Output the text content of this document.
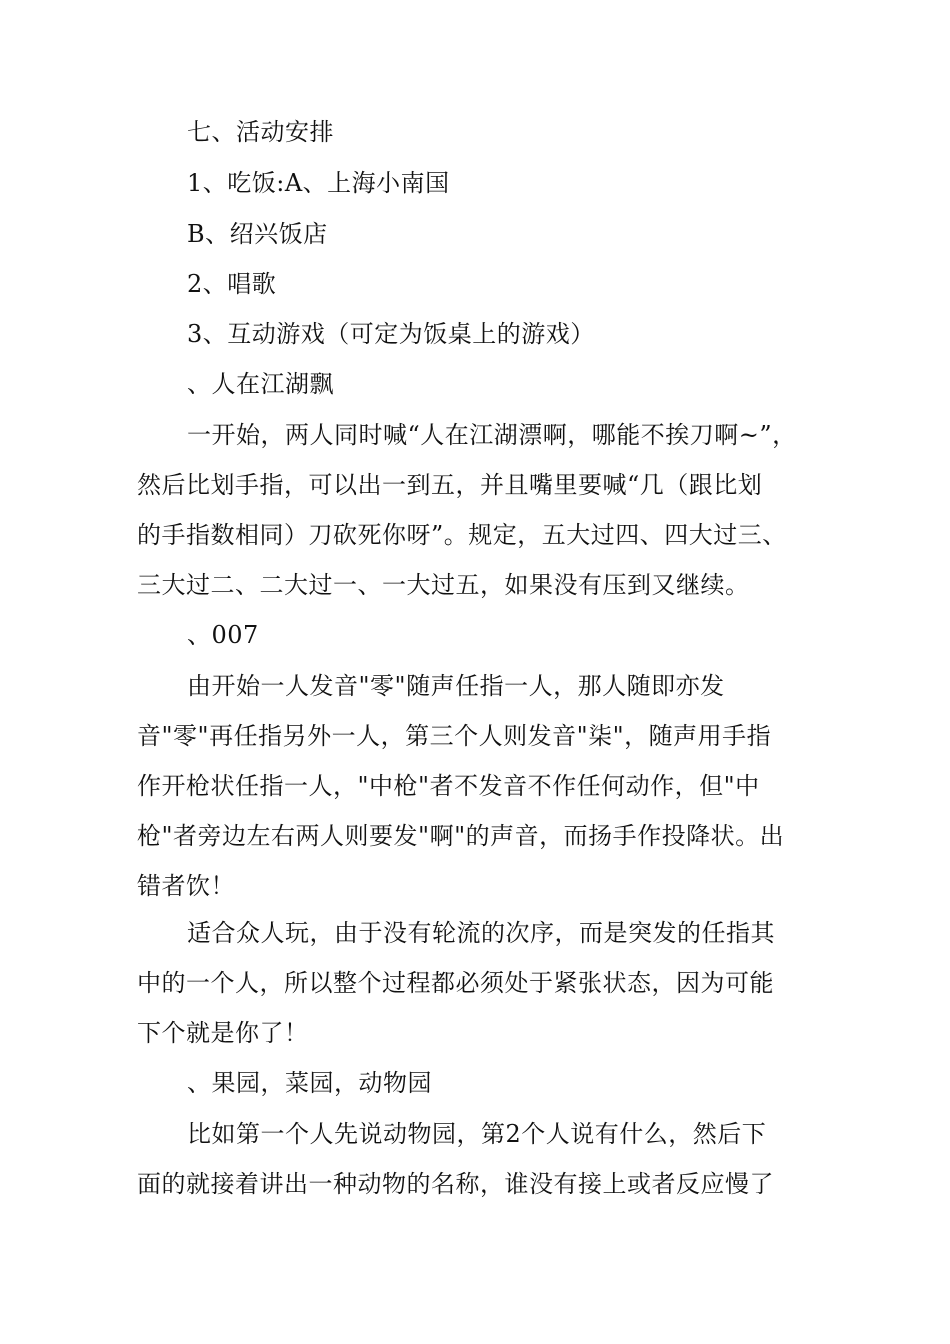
七、活动安排
1、吃饭:A、上海小南国
B、绍兴饭店
2、唱歌
3、互动游戏（可定为饭桌上的游戏）
、人在江湖飘
一开始，两人同时喊“人在江湖漂啊，哪能不挨刀啊~”，
然后比划手指，可以出一到五，并且嘴里要喊“几（跟比划
的手指数相同）刀砍死你呀”。规定，五大过四、四大过三、
三大过二、二大过一、一大过五，如果没有压到又继续。
、007
由开始一人发音"零"随声任指一人，那人随即亦发
音"零"再任指另外一人，第三个人则发音"柒"，随声用手指
作开枪状任指一人，"中枪"者不发音不作任何动作，但"中
枪"者旁边左右两人则要发"啊"的声音，而扬手作投降状。出
错者饮！
适合众人玩，由于没有轮流的次序，而是突发的任指其
中的一个人，所以整个过程都必须处于紧张状态，因为可能
下个就是你了！
、果园，菜园，动物园
比如第一个人先说动物园，第2个人说有什么，然后下
面的就接着讲出一种动物的名称，谁没有接上或者反应慢了
